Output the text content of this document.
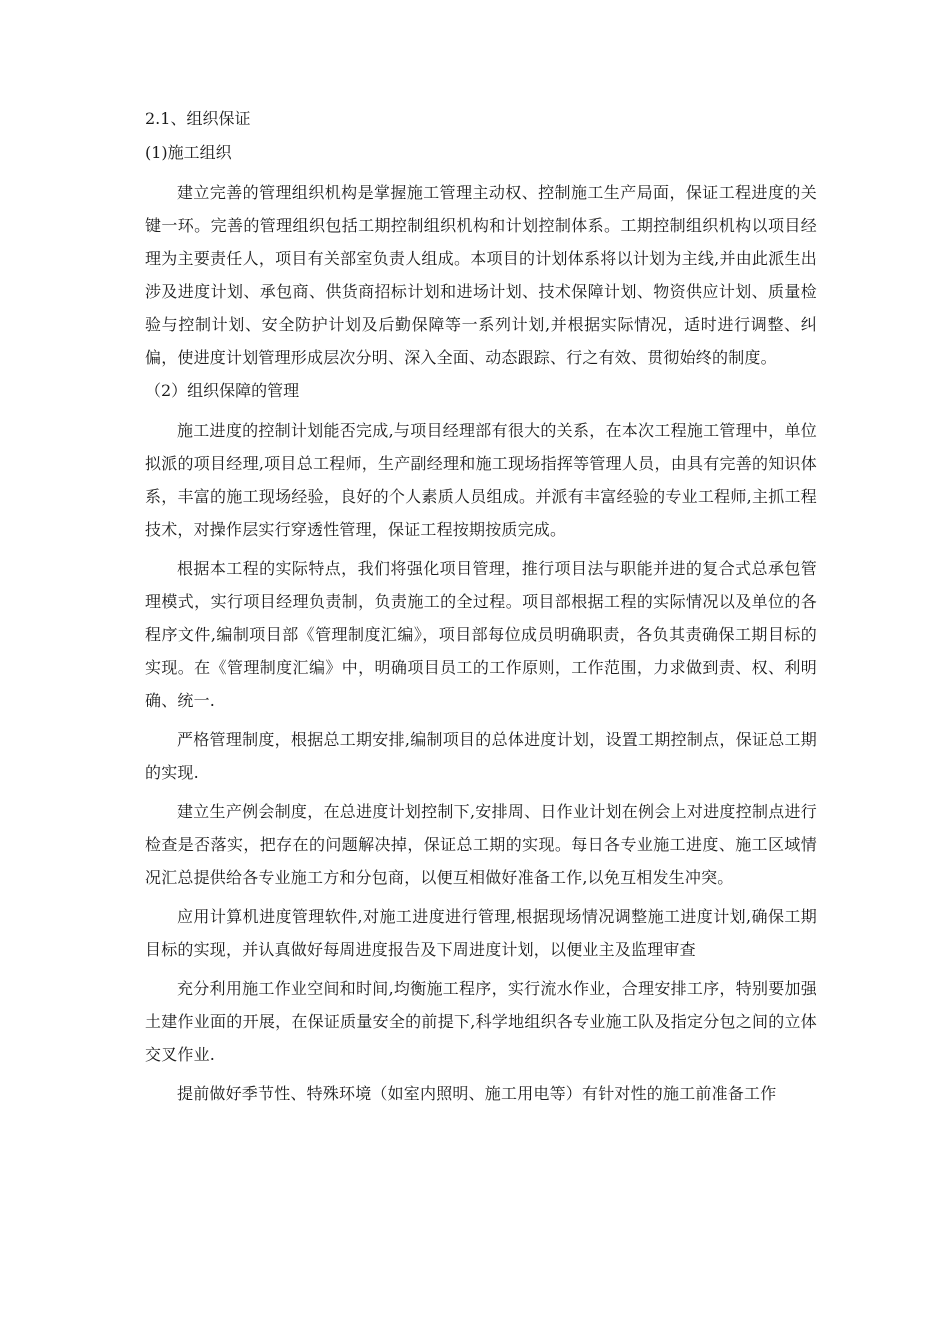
2.1、组织保证

(1)施工组织

建立完善的管理组织机构是掌握施工管理主动权、控制施工生产局面，保证工程进度的关键一环。完善的管理组织包括工期控制组织机构和计划控制体系。工期控制组织机构以项目经理为主要责任人，项目有关部室负责人组成。本项目的计划体系将以计划为主线,并由此派生出涉及进度计划、承包商、供货商招标计划和进场计划、技术保障计划、物资供应计划、质量检验与控制计划、安全防护计划及后勤保障等一系列计划,并根据实际情况，适时进行调整、纠偏，使进度计划管理形成层次分明、深入全面、动态跟踪、行之有效、贯彻始终的制度。

（2）组织保障的管理

施工进度的控制计划能否完成,与项目经理部有很大的关系，在本次工程施工管理中，单位拟派的项目经理,项目总工程师，生产副经理和施工现场指挥等管理人员，由具有完善的知识体系，丰富的施工现场经验，良好的个人素质人员组成。并派有丰富经验的专业工程师,主抓工程技术，对操作层实行穿透性管理，保证工程按期按质完成。

根据本工程的实际特点，我们将强化项目管理，推行项目法与职能并进的复合式总承包管理模式，实行项目经理负责制，负责施工的全过程。项目部根据工程的实际情况以及单位的各程序文件,编制项目部《管理制度汇编》，项目部每位成员明确职责，各负其责确保工期目标的实现。在《管理制度汇编》中，明确项目员工的工作原则，工作范围，力求做到责、权、利明确、统一.

严格管理制度，根据总工期安排,编制项目的总体进度计划，设置工期控制点，保证总工期的实现.

建立生产例会制度，在总进度计划控制下,安排周、日作业计划在例会上对进度控制点进行检查是否落实，把存在的问题解决掉，保证总工期的实现。每日各专业施工进度、施工区域情况汇总提供给各专业施工方和分包商，以便互相做好准备工作,以免互相发生冲突。

应用计算机进度管理软件,对施工进度进行管理,根据现场情况调整施工进度计划,确保工期目标的实现，并认真做好每周进度报告及下周进度计划，以便业主及监理审查

充分利用施工作业空间和时间,均衡施工程序，实行流水作业，合理安排工序，特别要加强土建作业面的开展，在保证质量安全的前提下,科学地组织各专业施工队及指定分包之间的立体交叉作业.

提前做好季节性、特殊环境（如室内照明、施工用电等）有针对性的施工前准备工作
